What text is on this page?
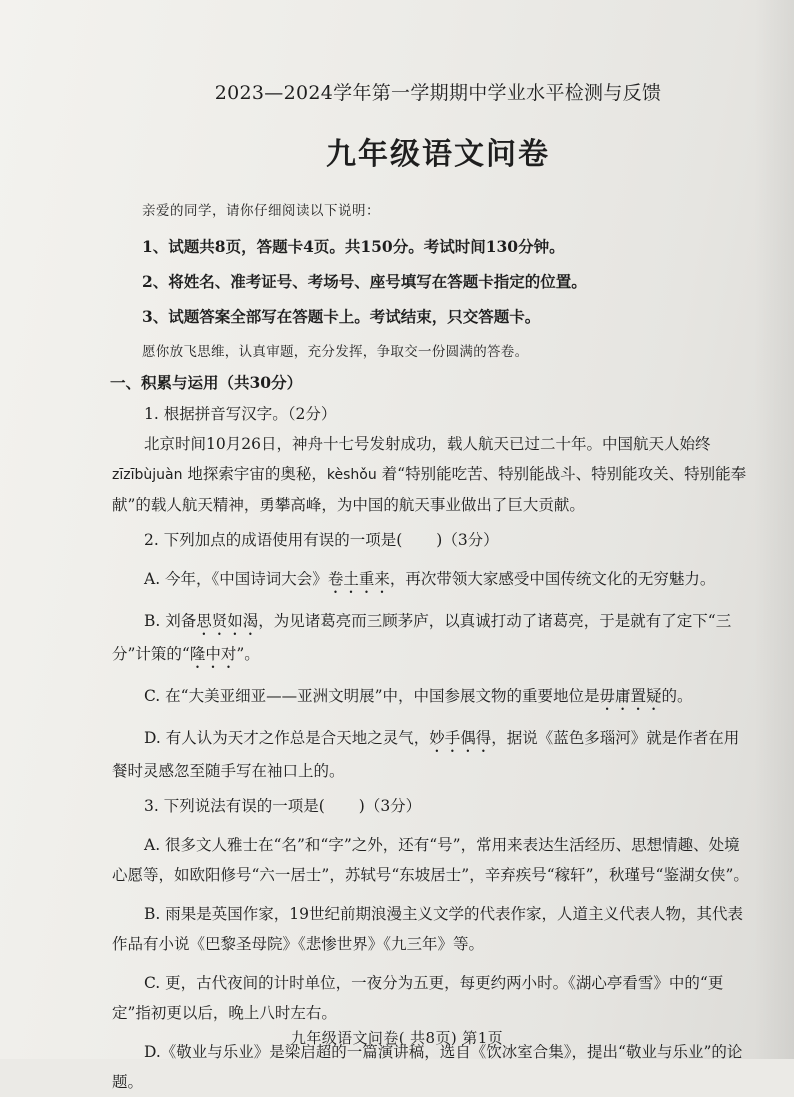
2023—2024学年第一学期期中学业水平检测与反馈
九年级语文问卷
亲爱的同学，请你仔细阅读以下说明：
1、试题共8页，答题卡4页。共150分。考试时间130分钟。
2、将姓名、准考证号、考场号、座号填写在答题卡指定的位置。
3、试题答案全部写在答题卡上。考试结束，只交答题卡。
愿你放飞思维，认真审题，充分发挥，争取交一份圆满的答卷。
一、积累与运用（共30分）
1. 根据拼音写汉字。（2分）
北京时间10月26日，神舟十七号发射成功，载人航天已过二十年。中国航天人始终zīzībùjuàn 地探索宇宙的奥秘，kèshǒu 着“特别能吃苦、特别能战斗、特别能攻关、特别能奉献”的载人航天精神，勇攀高峰，为中国的航天事业做出了巨大贡献。
2. 下列加点的成语使用有误的一项是( )（3分）
A. 今年，《中国诗词大会》卷土重来，再次带领大家感受中国传统文化的无穷魅力。
B. 刘备思贤如渴，为见诸葛亮而三顾茅庐，以真诚打动了诸葛亮，于是就有了定下“三分”计策的“隆中对”。
C. 在“大美亚细亚——亚洲文明展”中，中国参展文物的重要地位是毋庸置疑的。
D. 有人认为天才之作总是合天地之灵气，妙手偶得，据说《蓝色多瑙河》就是作者在用餐时灵感忽至随手写在袖口上的。
3. 下列说法有误的一项是( )（3分）
A. 很多文人雅士在“名”和“字”之外，还有“号”，常用来表达生活经历、思想情趣、处境心愿等，如欧阳修号“六一居士”，苏轼号“东坡居士”，辛弃疾号“稼轩”，秋瑾号“鉴湖女侠”。
B. 雨果是英国作家，19世纪前期浪漫主义文学的代表作家，人道主义代表人物，其代表作品有小说《巴黎圣母院》《悲惨世界》《九三年》等。
C. 更，古代夜间的计时单位，一夜分为五更，每更约两小时。《湖心亭看雪》中的“更定”指初更以后，晚上八时左右。
D.《敬业与乐业》是梁启超的一篇演讲稿，选自《饮冰室合集》，提出“敬业与乐业”的论题。
九年级语文问卷( 共8页) 第1页
